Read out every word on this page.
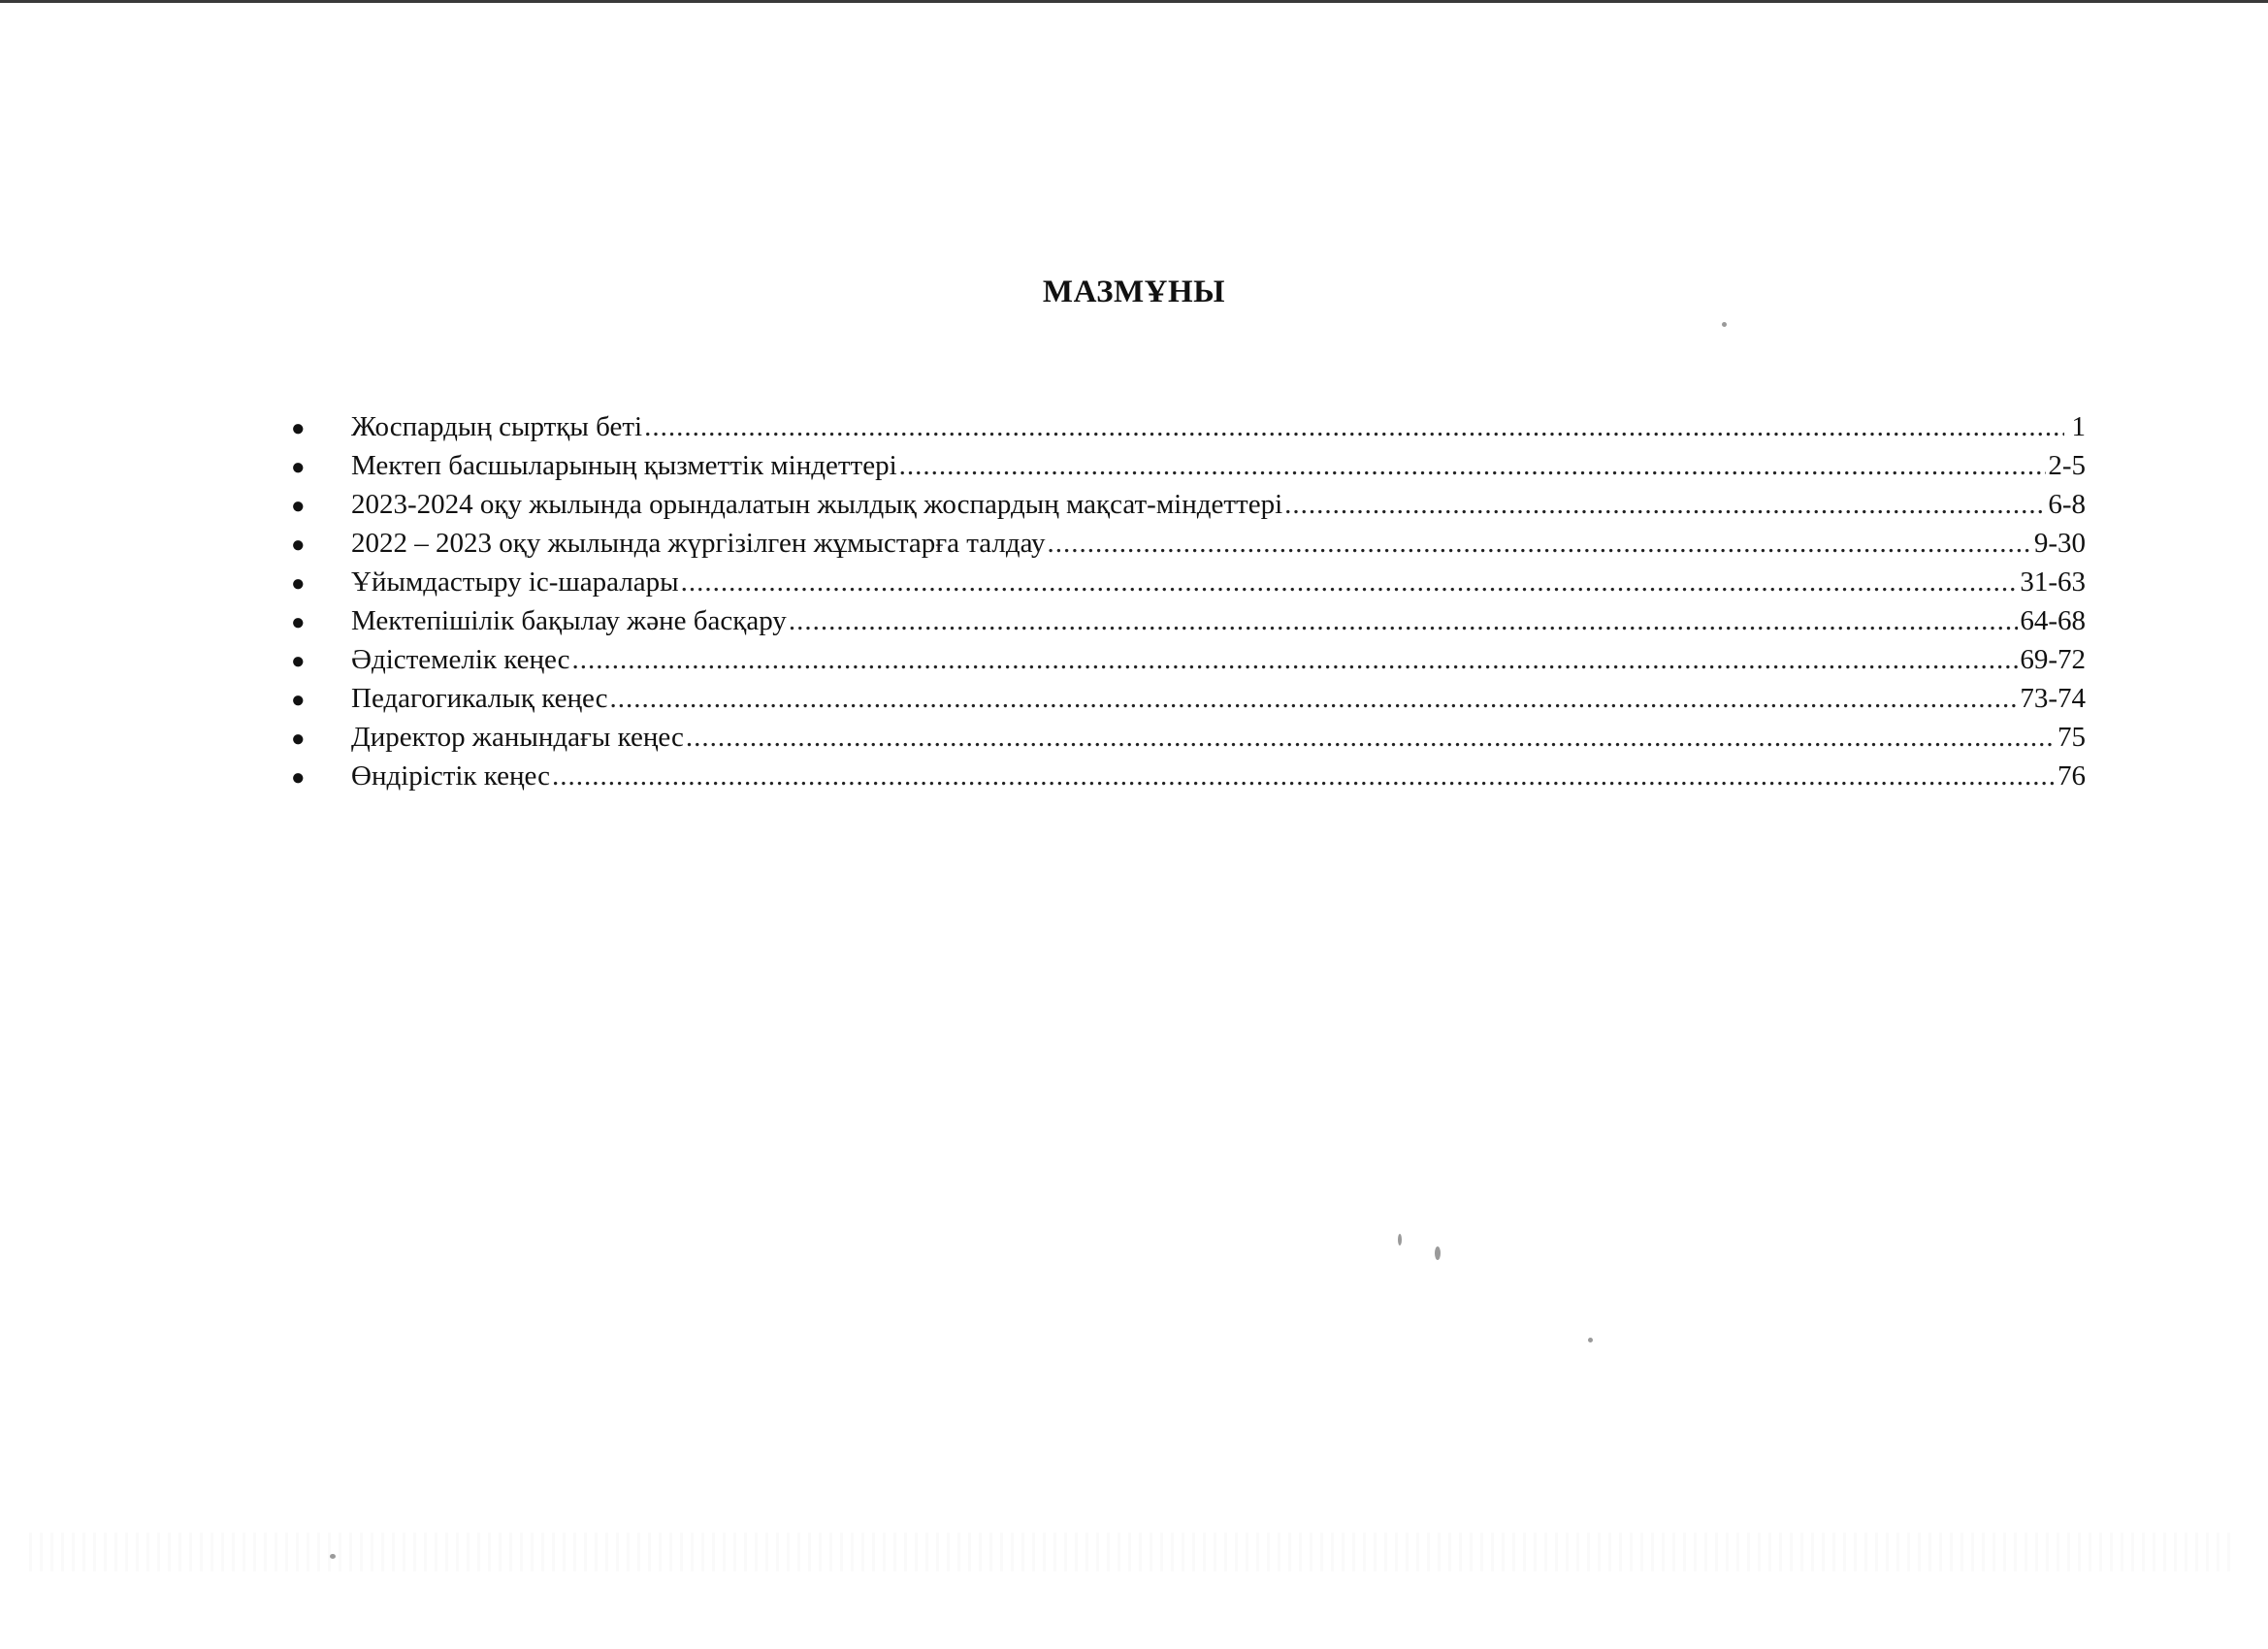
МАЗМҰНЫ
●	Жоспардың сыртқы беті .....	1
●	Мектеп басшыларының қызметтік міндеттері .....	2-5
●	2023-2024 оқу жылында орындалатын жылдық жоспардың мақсат-міндеттері .....	6-8
●	2022 – 2023 оқу жылында жүргізілген жұмыстарға талдау .....	9-30
●	Ұйымдастыру іс-шаралары .....	31-63
●	Мектепішілік бақылау және басқару .....	64-68
●	Әдістемелік кеңес .....	69-72
●	Педагогикалық кеңес .....	73-74
●	Директор жанындағы кеңес .....	75
●	Өндірістік кеңес .....	76
